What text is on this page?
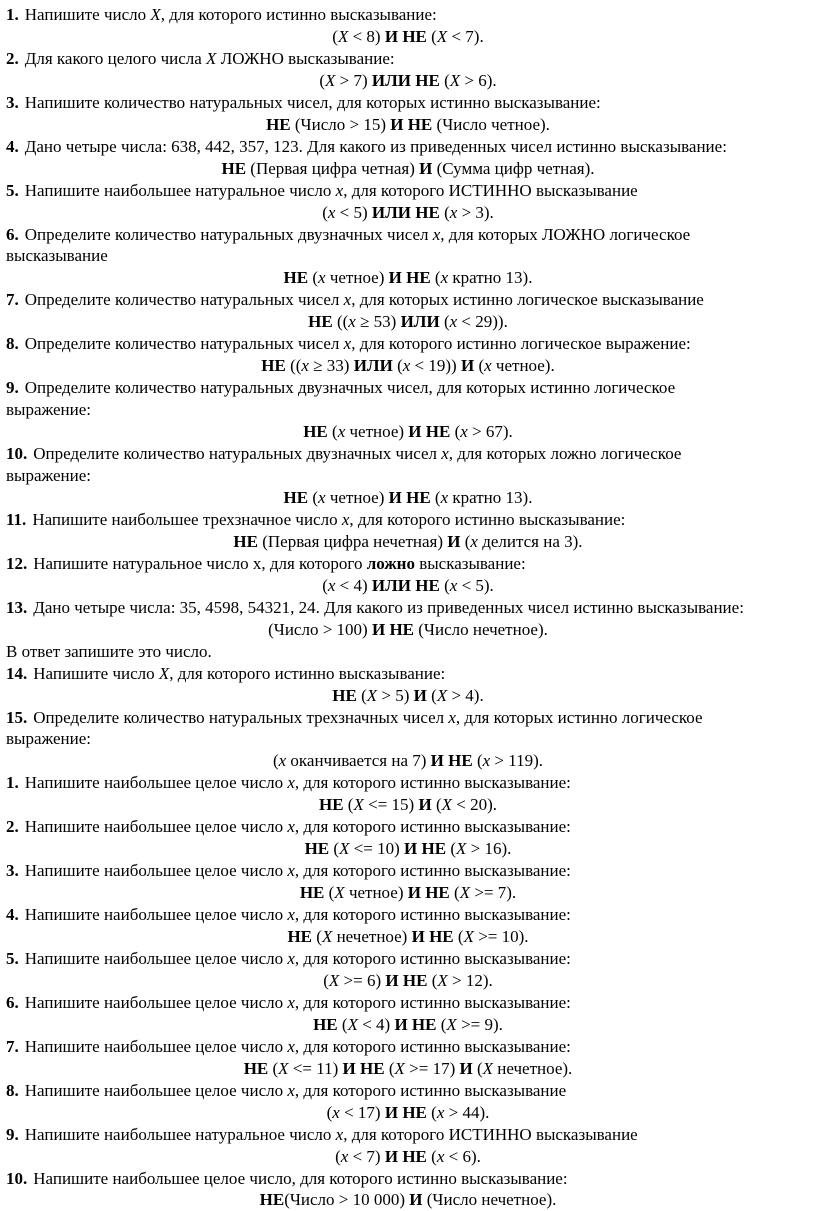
1. Напишите число X, для которого истинно высказывание:
(X < 8) И НЕ (X < 7).
2. Для какого целого числа X ЛОЖНО высказывание:
(X > 7) ИЛИ НЕ (X > 6).
3. Напишите количество натуральных чисел, для которых истинно высказывание:
НЕ (Число > 15) И НЕ (Число четное).
4. Дано четыре числа: 638, 442, 357, 123. Для какого из приведенных чисел истинно высказывание:
НЕ (Первая цифра четная) И (Сумма цифр четная).
5. Напишите наибольшее натуральное число x, для которого ИСТИННО высказывание
(x < 5) ИЛИ НЕ (x > 3).
6. Определите количество натуральных двузначных чисел x, для которых ЛОЖНО логическое
высказывание
НЕ (x четное) И НЕ (x кратно 13).
7. Определите количество натуральных чисел x, для которых истинно логическое высказывание
НЕ ((x ≥ 53) ИЛИ (x < 29)).
8. Определите количество натуральных чисел x, для которого истинно логическое выражение:
НЕ ((x ≥ 33) ИЛИ (x < 19)) И (x четное).
9. Определите количество натуральных двузначных чисел, для которых истинно логическое
выражение:
НЕ (x четное) И НЕ (x > 67).
10. Определите количество натуральных двузначных чисел x, для которых ложно логическое
выражение:
НЕ (x четное) И НЕ (x кратно 13).
11. Напишите наибольшее трехзначное число x, для которого истинно высказывание:
НЕ (Первая цифра нечетная) И (x делится на 3).
12. Напишите натуральное число х, для которого ложно высказывание:
(x < 4) ИЛИ НЕ (x < 5).
13. Дано четыре числа: 35, 4598, 54321, 24. Для какого из приведенных чисел истинно высказывание:
(Число > 100) И НЕ (Число нечетное).
В ответ запишите это число.
14. Напишите число X, для которого истинно высказывание:
НЕ (X > 5) И (X > 4).
15. Определите количество натуральных трехзначных чисел x, для которых истинно логическое
выражение:
(x оканчивается на 7) И НЕ (x > 119).
1. Напишите наибольшее целое число x, для которого истинно высказывание:
НЕ (X <= 15) И (X < 20).
2. Напишите наибольшее целое число x, для которого истинно высказывание:
НЕ (X <= 10) И НЕ (X > 16).
3. Напишите наибольшее целое число x, для которого истинно высказывание:
НЕ (X четное) И НЕ (X >= 7).
4. Напишите наибольшее целое число x, для которого истинно высказывание:
НЕ (X нечетное) И НЕ (X >= 10).
5. Напишите наибольшее целое число x, для которого истинно высказывание:
(X >= 6) И НЕ (X > 12).
6. Напишите наибольшее целое число x, для которого истинно высказывание:
НЕ (X < 4) И НЕ (X >= 9).
7. Напишите наибольшее целое число x, для которого истинно высказывание:
НЕ (X <= 11) И НЕ (X >= 17) И (X нечетное).
8. Напишите наибольшее целое число x, для которого истинно высказывание
(x < 17) И НЕ (x > 44).
9. Напишите наибольшее натуральное число x, для которого ИСТИННО высказывание
(x < 7) И НЕ (x < 6).
10. Напишите наибольшее целое число, для которого истинно высказывание:
НЕ(Число > 10 000) И (Число нечетное).
